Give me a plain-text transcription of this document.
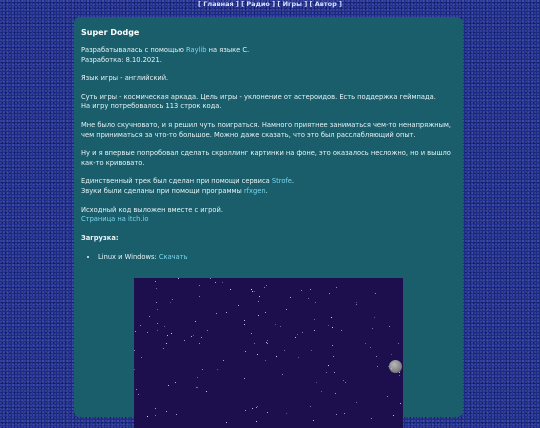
[ Главная ] [ Радио ] [ Игры ] [ Автор ]
Super Dodge

Разрабатывалась с помощью Raylib на языке C.
Разработка: 8.10.2021.

Язык игры - английский.

Суть игры - космическая аркада. Цель игры - уклонение от астероидов. Есть поддержка геймпада.
На игру потребовалось 113 строк кода.

Мне было скучновато, и я решил чуть поиграться. Намного приятнее заниматься чем-то ненапряжным,
чем приниматься за что-то большое. Можно даже сказать, что это был расслабляющий опыт.

Ну и я впервые попробовал сделать скроллинг картинки на фоне, это оказалось несложно, но и вышло
как-то кривовато.

Единственный трек был сделан при помощи сервиса Strofe.
Звуки были сделаны при помощи программы rfxgen.

Исходный код выложен вместе с игрой.
Страница на itch.io

Загрузка:
• Linux и Windows: Скачать
